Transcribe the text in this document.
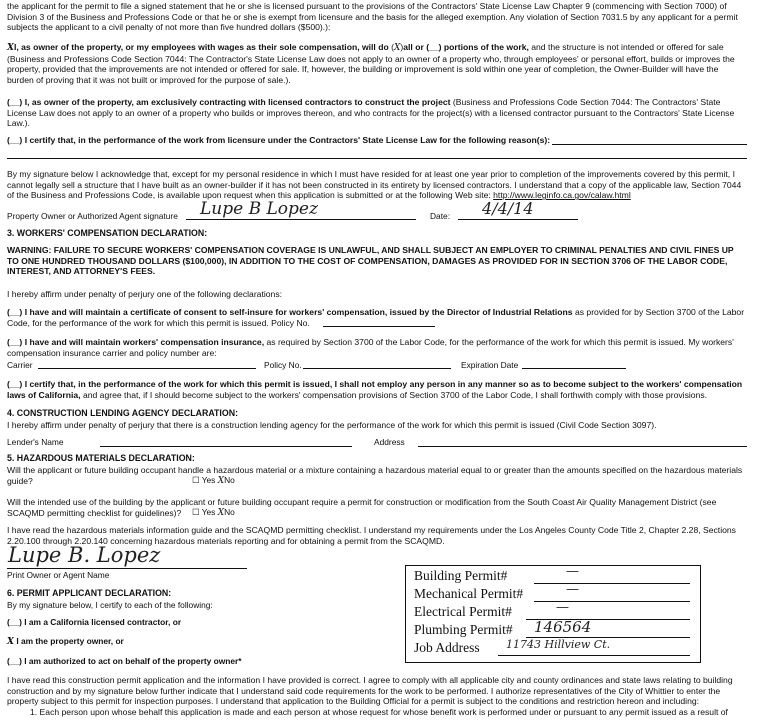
the applicant for the permit to file a signed statement that he or she is licensed pursuant to the provisions of the Contractors' State License Law Chapter 9 (commencing with Section 7000) of Division 3 of the Business and Professions Code or that he or she is exempt from licensure and the basis for the alleged exemption. Any violation of Section 7031.5 by any applicant for a permit subjects the applicant to a civil penalty of not more than five hundred dollars ($500).):

XI, as owner of the property, or my employees with wages as their sole compensation, will do (X)all or (__) portions of the work, and the structure is not intended or offered for sale (Business and Professions Code Section 7044: The Contractor's State License Law does not apply to an owner of a property who, through employees' or personal effort, builds or improves the property, provided that the improvements are not intended or offered for sale. If, however, the building or improvement is sold within one year of completion, the Owner-Builder will have the burden of proving that it was not built or improved for the purpose of sale.).

(__) I, as owner of the property, am exclusively contracting with licensed contractors to construct the project (Business and Professions Code Section 7044: The Contractors' State License Law does not apply to an owner of a property who builds or improves thereon, and who contracts for the project(s) with a licensed contractor pursuant to the Contractors' State License Law.).

(__) I certify that, in the performance of the work from licensure under the Contractors' State License Law for the following reason(s):

By my signature below I acknowledge that, except for my personal residence in which I must have resided for at least one year prior to completion of the improvements covered by this permit, I cannot legally sell a structure that I have built as an owner-builder if it has not been constructed in its entirety by licensed contractors. I understand that a copy of the applicable law, Section 7044 of the Business and Professions Code, is available upon request when this application is submitted or at the following Web site: http://www.leginfo.ca.gov/calaw.html

Property Owner or Authorized Agent signature Lupe B Lopez	Date: 4/4/14
3. WORKERS' COMPENSATION DECLARATION:

WARNING: FAILURE TO SECURE WORKERS' COMPENSATION COVERAGE IS UNLAWFUL, AND SHALL SUBJECT AN EMPLOYER TO CRIMINAL PENALTIES AND CIVIL FINES UP TO ONE HUNDRED THOUSAND DOLLARS ($100,000), IN ADDITION TO THE COST OF COMPENSATION, DAMAGES AS PROVIDED FOR IN SECTION 3706 OF THE LABOR CODE, INTEREST, AND ATTORNEY'S FEES.

I hereby affirm under penalty of perjury one of the following declarations:

(__) I have and will maintain a certificate of consent to self-insure for workers' compensation, issued by the Director of Industrial Relations as provided for by Section 3700 of the Labor Code, for the performance of the work for which this permit is issued. Policy No.

(__) I have and will maintain workers' compensation insurance, as required by Section 3700 of the Labor Code, for the performance of the work for which this permit is issued. My workers' compensation insurance carrier and policy number are:

Carrier	Policy No.	Expiration Date

(__) I certify that, in the performance of the work for which this permit is issued, I shall not employ any person in any manner so as to become subject to the workers' compensation laws of California, and agree that, if I should become subject to the workers' compensation provisions of Section 3700 of the Labor Code, I shall forthwith comply with those provisions.

4. CONSTRUCTION LENDING AGENCY DECLARATION:

I hereby affirm under penalty of perjury that there is a construction lending agency for the performance of the work for which this permit is issued (Civil Code Section 3097).

Lender's Name	Address
5. HAZARDOUS MATERIALS DECLARATION:

Will the applicant or future building occupant handle a hazardous material or a mixture containing a hazardous material equal to or greater than the amounts specified on the hazardous materials guide?	☐ Yes XNo

Will the intended use of the building by the applicant or future building occupant require a permit for construction or modification from the South Coast Air Quality Management District (see SCAQMD permitting checklist for guidelines)?	☐ Yes XNo

I have read the hazardous materials information guide and the SCAQMD permitting checklist. I understand my requirements under the Los Angeles County Code Title 2, Chapter 2.28, Sections 2.20.100 through 2.20.140 concerning hazardous materials reporting and for obtaining a permit from the SCAQMD.

Lupe B. Lopez
Print Owner or Agent Name
6. PERMIT APPLICANT DECLARATION:
By my signature below, I certify to each of the following:
(__) I am a California licensed contractor, or
X I am the property owner, or
(__) I am authorized to act on behalf of the property owner*

I have read this construction permit application and the information I have provided is correct. I agree to comply with all applicable city and county ordinances and state laws relating to building construction and by my signature below further indicate that I understand said code requirements for the work to be performed. I authorize representatives of the City of Whittier to enter the property subject to this permit for inspection purposes. I understand that application to the Building Official for a permit is subject to the conditions and restriction hereon and including:

1. Each person upon whose behalf this application is made and each person at whose request for whose benefit work is performed under or pursuant to any permit issued as a result of

Building Permit#	—
Mechanical Permit#	—
Electrical Permit#	—
Plumbing Permit# 146564
Job Address 11743 Hillview Ct.
